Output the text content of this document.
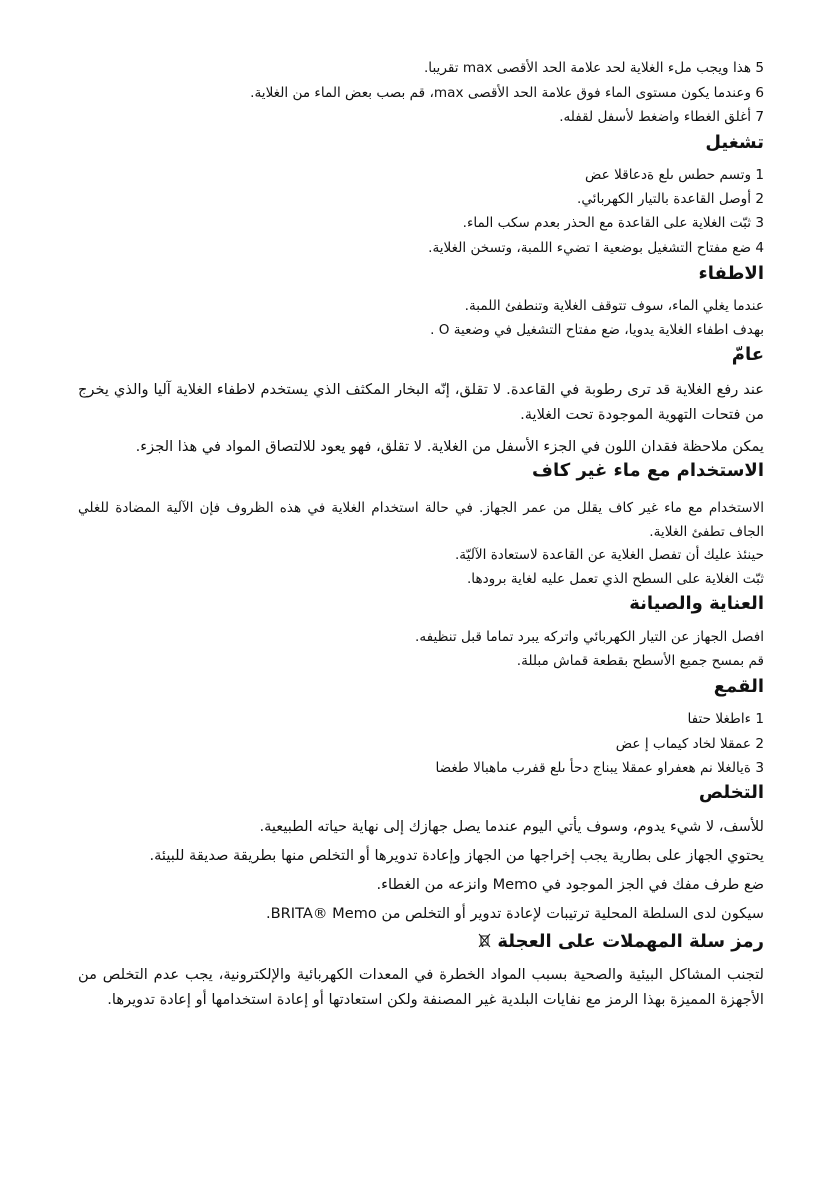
5 هذا ويجب ملء الغلاية لحد علامة الحد الأقصى max تقريبا.
6 وعندما يكون مستوى الماء فوق علامة الحد الأقصى max، قم بصب بعض الماء من الغلاية.
7 أغلق الغطاء واضغط لأسفل لقفله.
تشغيل
1 وتسم حطس ىلع ةدعاقلا عض
2 أوصل القاعدة بالتيار الكهربائي.
3 ثبّت الغلاية على القاعدة مع الحذر بعدم سكب الماء.
4 ضع مفتاح التشغيل بوضعية I تضيء اللمبة، وتسخن الغلاية.
الاطفاء
عندما يغلي الماء، سوف تتوقف الغلاية وتنطفئ اللمبة.
بهدف اطفاء الغلاية يدويا، ضع مفتاح التشغيل في وضعية O .
عامّ
عند رفع الغلاية قد ترى رطوبة في القاعدة. لا تقلق، إنّه البخار المكثف الذي يستخدم لاطفاء الغلاية آليا والذي يخرج من فتحات التهوية الموجودة تحت الغلاية.
يمكن ملاحظة فقدان اللون في الجزء الأسفل من الغلاية. لا تقلق، فهو يعود للالتصاق المواد في هذا الجزء.
الاستخدام مع ماء غير كاف
الاستخدام مع ماء غير كاف يقلل من عمر الجهاز. في حالة استخدام الغلاية في هذه الظروف فإن الآلية المضادة للغلي الجاف تطفئ الغلاية.
حينئذ عليك أن تفصل الغلاية عن القاعدة لاستعادة الآليّة.
ثبّت الغلاية على السطح الذي تعمل عليه لغاية برودها.
العناية والصيانة
افصل الجهاز عن التيار الكهربائي واتركه يبرد تماما قبل تنظيفه.
قم بمسح جميع الأسطح بقطعة قماش مبللة.
القمع
1 ءاطغلا حتفا
2 عمقلا لخاد كيماب إ عض
3 ةيالغلا نم هعفراو عمقلا يبناج دحأ ىلع قفرب ماهبالا طغضا
التخلص
للأسف، لا شيء يدوم، وسوف يأتي اليوم عندما يصل جهازك إلى نهاية حياته الطبيعية.
يحتوي الجهاز على بطارية يجب إخراجها من الجهاز وإعادة تدويرها أو التخلص منها بطريقة صديقة للبيئة.
ضع طرف مفك في الجز الموجود في Memo وانزعه من الغطاء.
سيكون لدى السلطة المحلية ترتيبات لإعادة تدوير أو التخلص من BRITA® Memo.
رمز سلة المهملات على العجلة
لتجنب المشاكل البيئية والصحية بسبب المواد الخطرة في المعدات الكهربائية والإلكترونية، يجب عدم التخلص من الأجهزة المميزة بهذا الرمز مع نفايات البلدية غير المصنفة ولكن استعادتها أو إعادة استخدامها أو إعادة تدويرها.
